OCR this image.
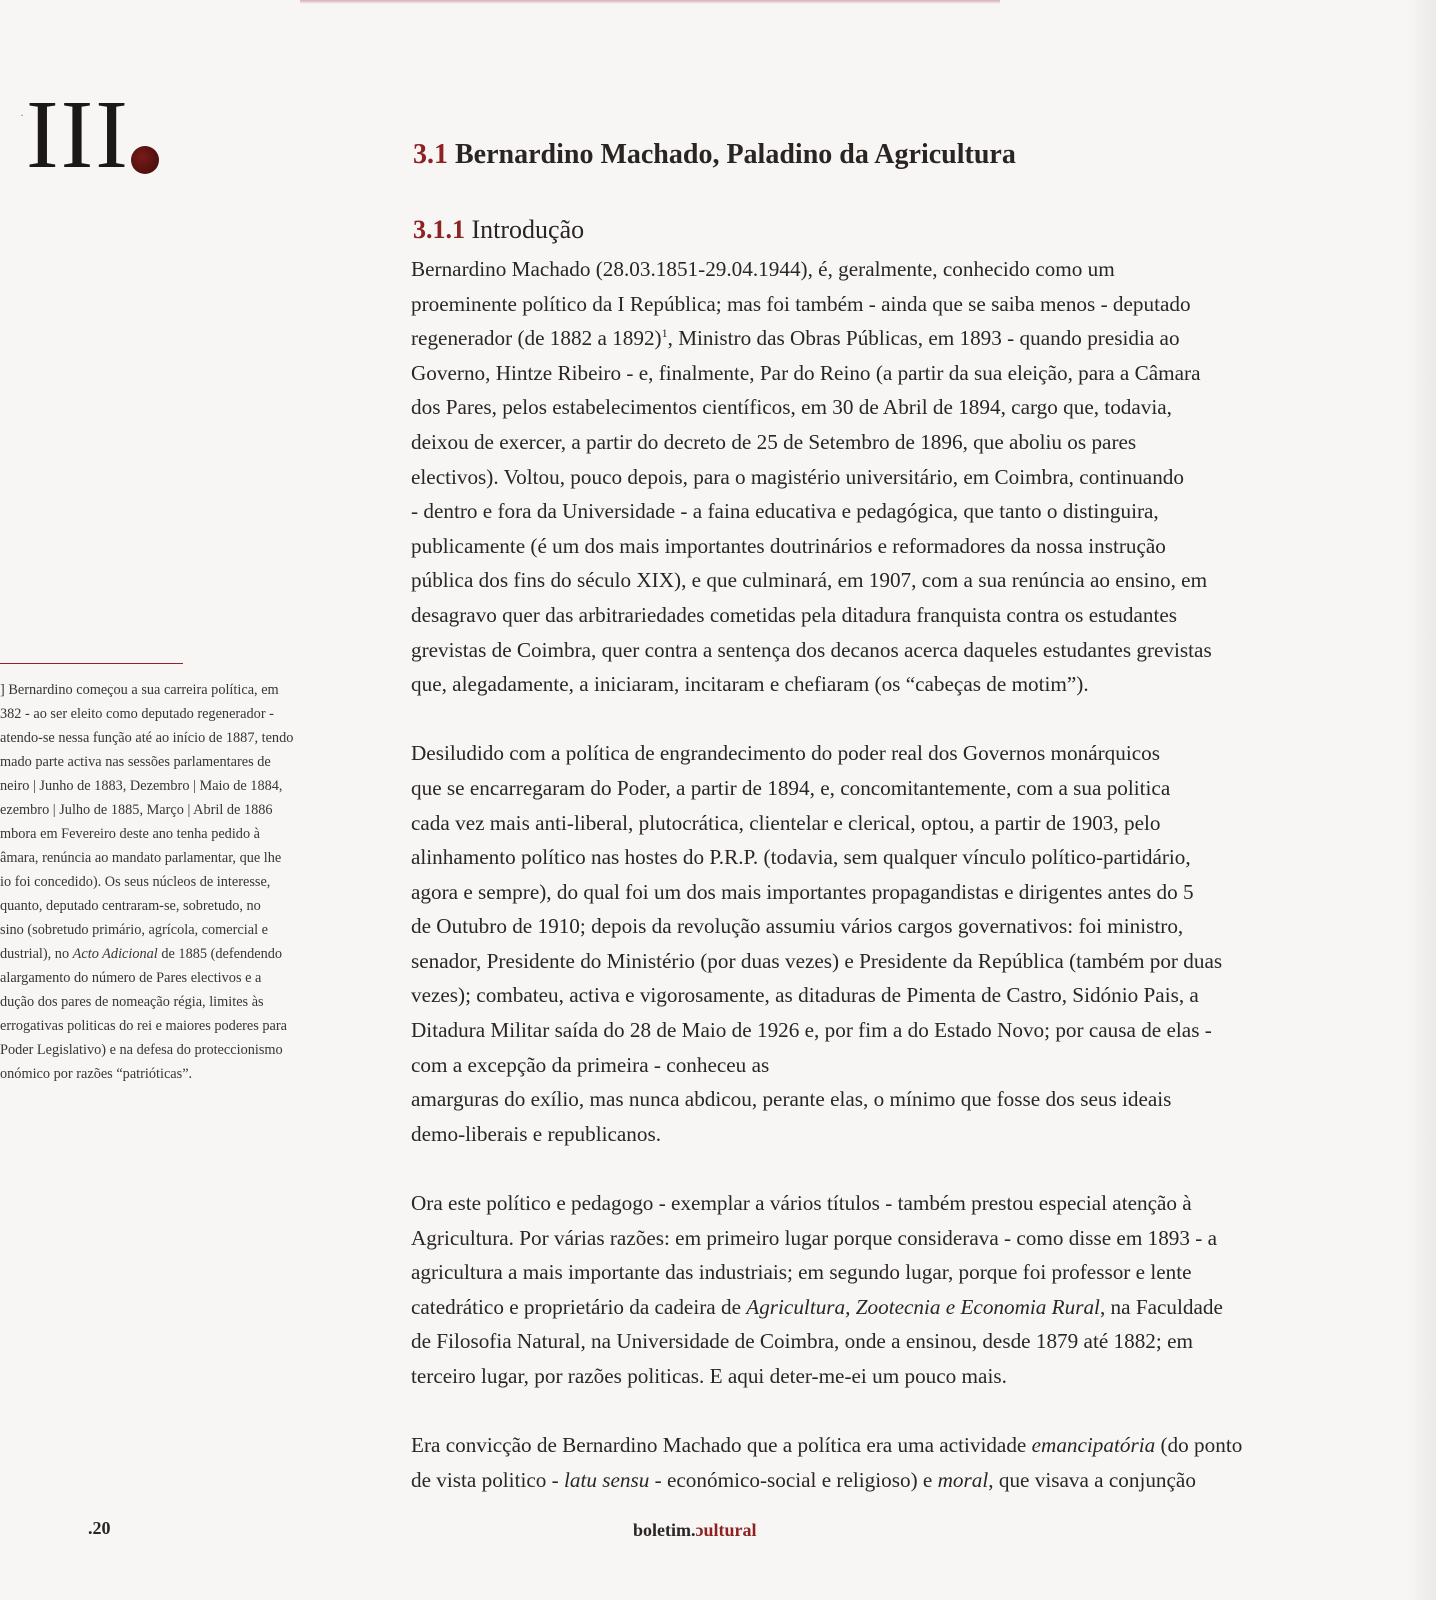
III
·
3.1 Bernardino Machado, Paladino da Agricultura
3.1.1 Introdução

Bernardino Machado (28.03.1851-29.04.1944), é, geralmente, conhecido como um
proeminente político da I República; mas foi também - ainda que se saiba menos - deputado
regenerador (de 1882 a 1892)$^1$, Ministro das Obras Públicas, em 1893 - quando presidia ao
Governo, Hintze Ribeiro - e, finalmente, Par do Reino (a partir da sua eleição, para a Câmara
dos Pares, pelos estabelecimentos científicos, em 30 de Abril de 1894, cargo que, todavia,
deixou de exercer, a partir do decreto de 25 de Setembro de 1896, que aboliu os pares
electivos). Voltou, pouco depois, para o magistério universitário, em Coimbra, continuando
- dentro e fora da Universidade - a faina educativa e pedagógica, que tanto o distinguira,
publicamente (é um dos mais importantes doutrinários e reformadores da nossa instrução
pública dos fins do século XIX), e que culminará, em 1907, com a sua renúncia ao ensino, em
desagravo quer das arbitrariedades cometidas pela ditadura franquista contra os estudantes
grevistas de Coimbra, quer contra a sentença dos decanos acerca daqueles estudantes grevistas
que, alegadamente, a iniciaram, incitaram e chefiaram (os “cabeças de motim”).

Desiludido com a política de engrandecimento do poder real dos Governos monárquicos
que se encarregaram do Poder, a partir de 1894, e, concomitantemente, com a sua politica
cada vez mais anti-liberal, plutocrática, clientelar e clerical, optou, a partir de 1903, pelo
alinhamento político nas hostes do P.R.P. (todavia, sem qualquer vínculo político-partidário,
agora e sempre), do qual foi um dos mais importantes propagandistas e dirigentes antes do 5
de Outubro de 1910; depois da revolução assumiu vários cargos governativos: foi ministro,
senador, Presidente do Ministério (por duas vezes) e Presidente da República (também por duas
vezes); combateu, activa e vigorosamente, as ditaduras de Pimenta de Castro, Sidónio Pais, a
Ditadura Militar saída do 28 de Maio de 1926 e, por fim a do Estado Novo; por causa de elas -
com a excepção da primeira - conheceu as
amarguras do exílio, mas nunca abdicou, perante elas, o mínimo que fosse dos seus ideais
demo-liberais e republicanos.

Ora este político e pedagogo - exemplar a vários títulos - também prestou especial atenção à
Agricultura. Por várias razões: em primeiro lugar porque considerava - como disse em 1893 - a
agricultura a mais importante das industriais; em segundo lugar, porque foi professor e lente
catedrático e proprietário da cadeira de Agricultura, Zootecnia e Economia Rural, na Faculdade
de Filosofia Natural, na Universidade de Coimbra, onde a ensinou, desde 1879 até 1882; em
terceiro lugar, por razões politicas. E aqui deter-me-ei um pouco mais.

Era convicção de Bernardino Machado que a política era uma actividade emancipatória (do ponto
de vista politico - latu sensu - económico-social e religioso) e moral, que visava a conjunção

] Bernardino começou a sua carreira política, em
382 - ao ser eleito como deputado regenerador -
atendo-se nessa função até ao início de 1887, tendo
mado parte activa nas sessões parlamentares de
neiro | Junho de 1883, Dezembro | Maio de 1884,
ezembro | Julho de 1885, Março | Abril de 1886
mbora em Fevereiro deste ano tenha pedido à
âmara, renúncia ao mandato parlamentar, que lhe
io foi concedido). Os seus núcleos de interesse,
quanto, deputado centraram-se, sobretudo, no
sino (sobretudo primário, agrícola, comercial e
dustrial), no Acto Adicional de 1885 (defendendo
alargamento do número de Pares electivos e a
dução dos pares de nomeação régia, limites às
errogativas politicas do rei e maiores poderes para
Poder Legislativo) e na defesa do proteccionismo
onómico por razões “patrióticas”.
.20	boletim.ɔultural
